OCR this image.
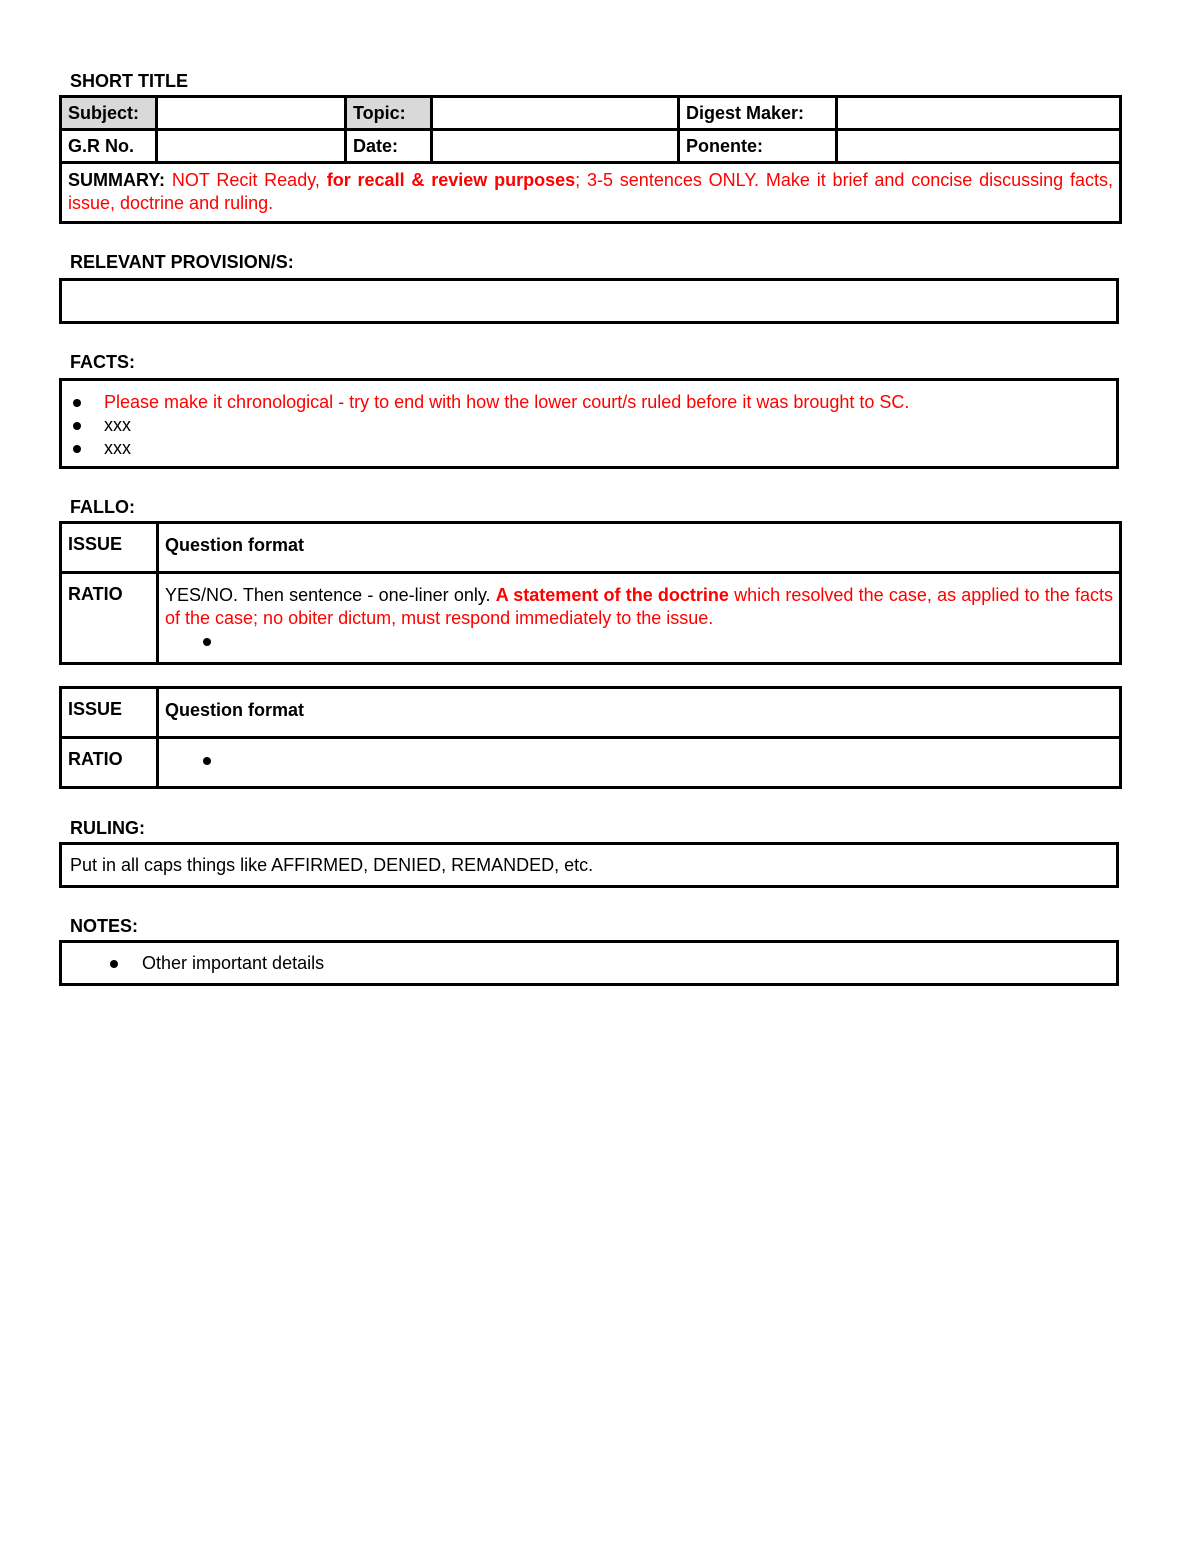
SHORT TITLE
Subject:		Topic:		Digest Maker:	
G.R No.		Date:		Ponente:	
SUMMARY: NOT Recit Ready, for recall & review purposes; 3-5 sentences ONLY. Make it brief and concise discussing facts, issue, doctrine and ruling.					
RELEVANT PROVISION/S:
FACTS:
Please make it chronological - try to end with how the lower court/s ruled before it was brought to SC.
xxx
xxx
FALLO:
ISSUE	Question format
RATIO	YES/NO. Then sentence - one-liner only. A statement of the doctrine which resolved the case, as applied to the facts of the case; no obiter dictum, must respond immediately to the issue.
ISSUE	Question format
RATIO	
RULING:
Put in all caps things like AFFIRMED, DENIED, REMANDED, etc.
NOTES:
Other important details
